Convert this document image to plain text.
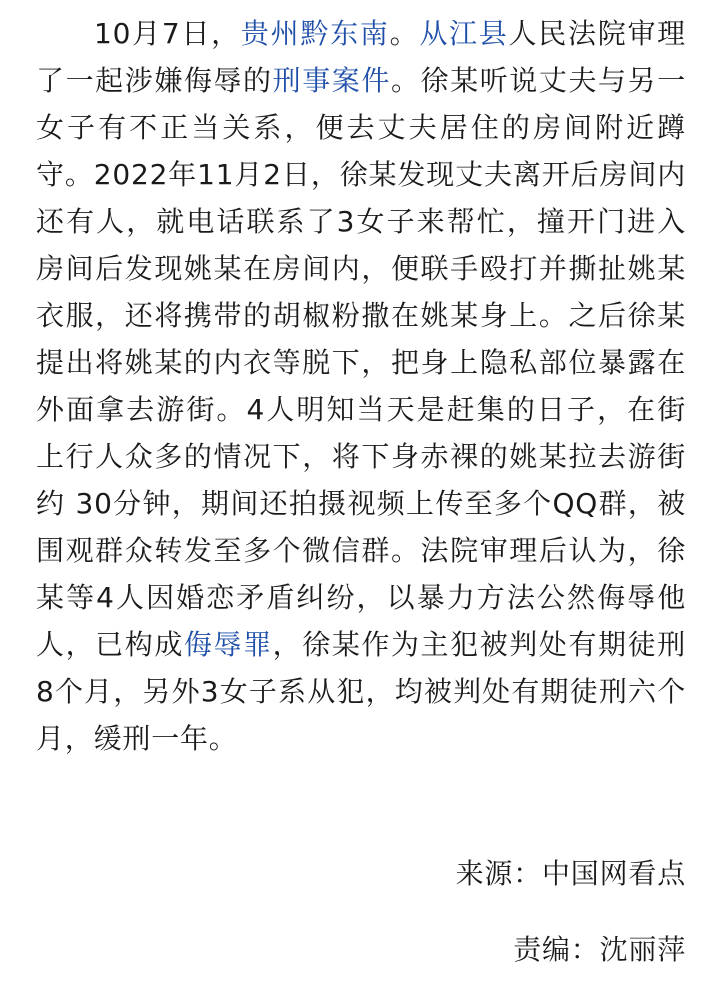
10月7日，贵州黔东南。从江县人民法院审理了一起涉嫌侮辱的刑事案件。徐某听说丈夫与另一女子有不正当关系，便去丈夫居住的房间附近蹲守。2022年11月2日，徐某发现丈夫离开后房间内还有人，就电话联系了3女子来帮忙，撞开门进入房间后发现姚某在房间内，便联手殴打并撕扯姚某衣服，还将携带的胡椒粉撒在姚某身上。之后徐某提出将姚某的内衣等脱下，把身上隐私部位暴露在外面拿去游街。4人明知当天是赶集的日子，在街上行人众多的情况下，将下身赤裸的姚某拉去游街约 30分钟，期间还拍摄视频上传至多个QQ群，被围观群众转发至多个微信群。法院审理后认为，徐某等4人因婚恋矛盾纠纷，以暴力方法公然侮辱他人，已构成侮辱罪，徐某作为主犯被判处有期徒刑8个月，另外3女子系从犯，均被判处有期徒刑六个月，缓刑一年。

来源：中国网看点
责编：沈丽萍
